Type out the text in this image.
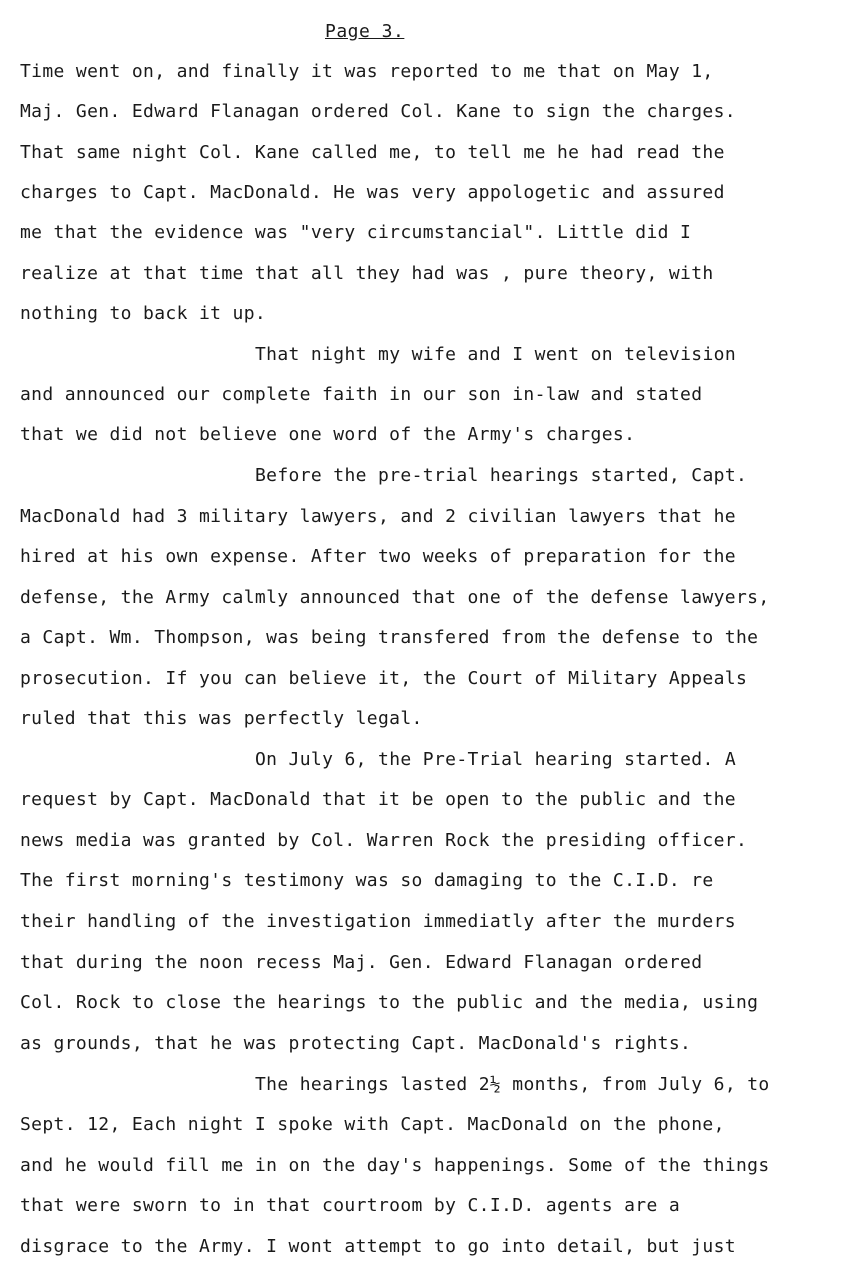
Page 3.
Time went on, and finally it was reported to me that on May 1,
Maj. Gen. Edward Flanagan ordered Col. Kane to sign the charges.
That same night Col. Kane called me, to tell me he had read the
charges to Capt. MacDonald. He was very appologetic and assured
me that the evidence was "very circumstancial". Little did I
realize at that time that all they had was , pure theory, with
nothing to back it up.
That night my wife and I went on television
and announced our complete faith in our son in-law and stated
that we did not believe one word of the Army's charges.
Before the pre-trial hearings started, Capt.
MacDonald had 3 military lawyers, and 2 civilian lawyers that he
hired at his own expense. After two weeks of preparation for the
defense, the Army calmly announced that one of the defense lawyers,
a Capt. Wm. Thompson, was being transfered from the defense to the
prosecution. If you can believe it, the Court of Military Appeals
ruled that this was perfectly legal.
On July 6, the Pre-Trial hearing started. A
request by Capt. MacDonald that it be open to the public and the
news media was granted by Col. Warren Rock the presiding officer.
The first morning's testimony was so damaging to the C.I.D. re
their handling of the investigation immediatly after the murders
that during the noon recess Maj. Gen. Edward Flanagan ordered
Col. Rock to close the hearings to the public and the media, using
as grounds, that he was protecting Capt. MacDonald's rights.
The hearings lasted 2½ months, from July 6, to
Sept. 12, Each night I spoke with Capt. MacDonald on the phone,
and he would fill me in on the day's happenings. Some of the things
that were sworn to in that courtroom by C.I.D. agents are a
disgrace to the Army. I wont attempt to go into detail, but just
